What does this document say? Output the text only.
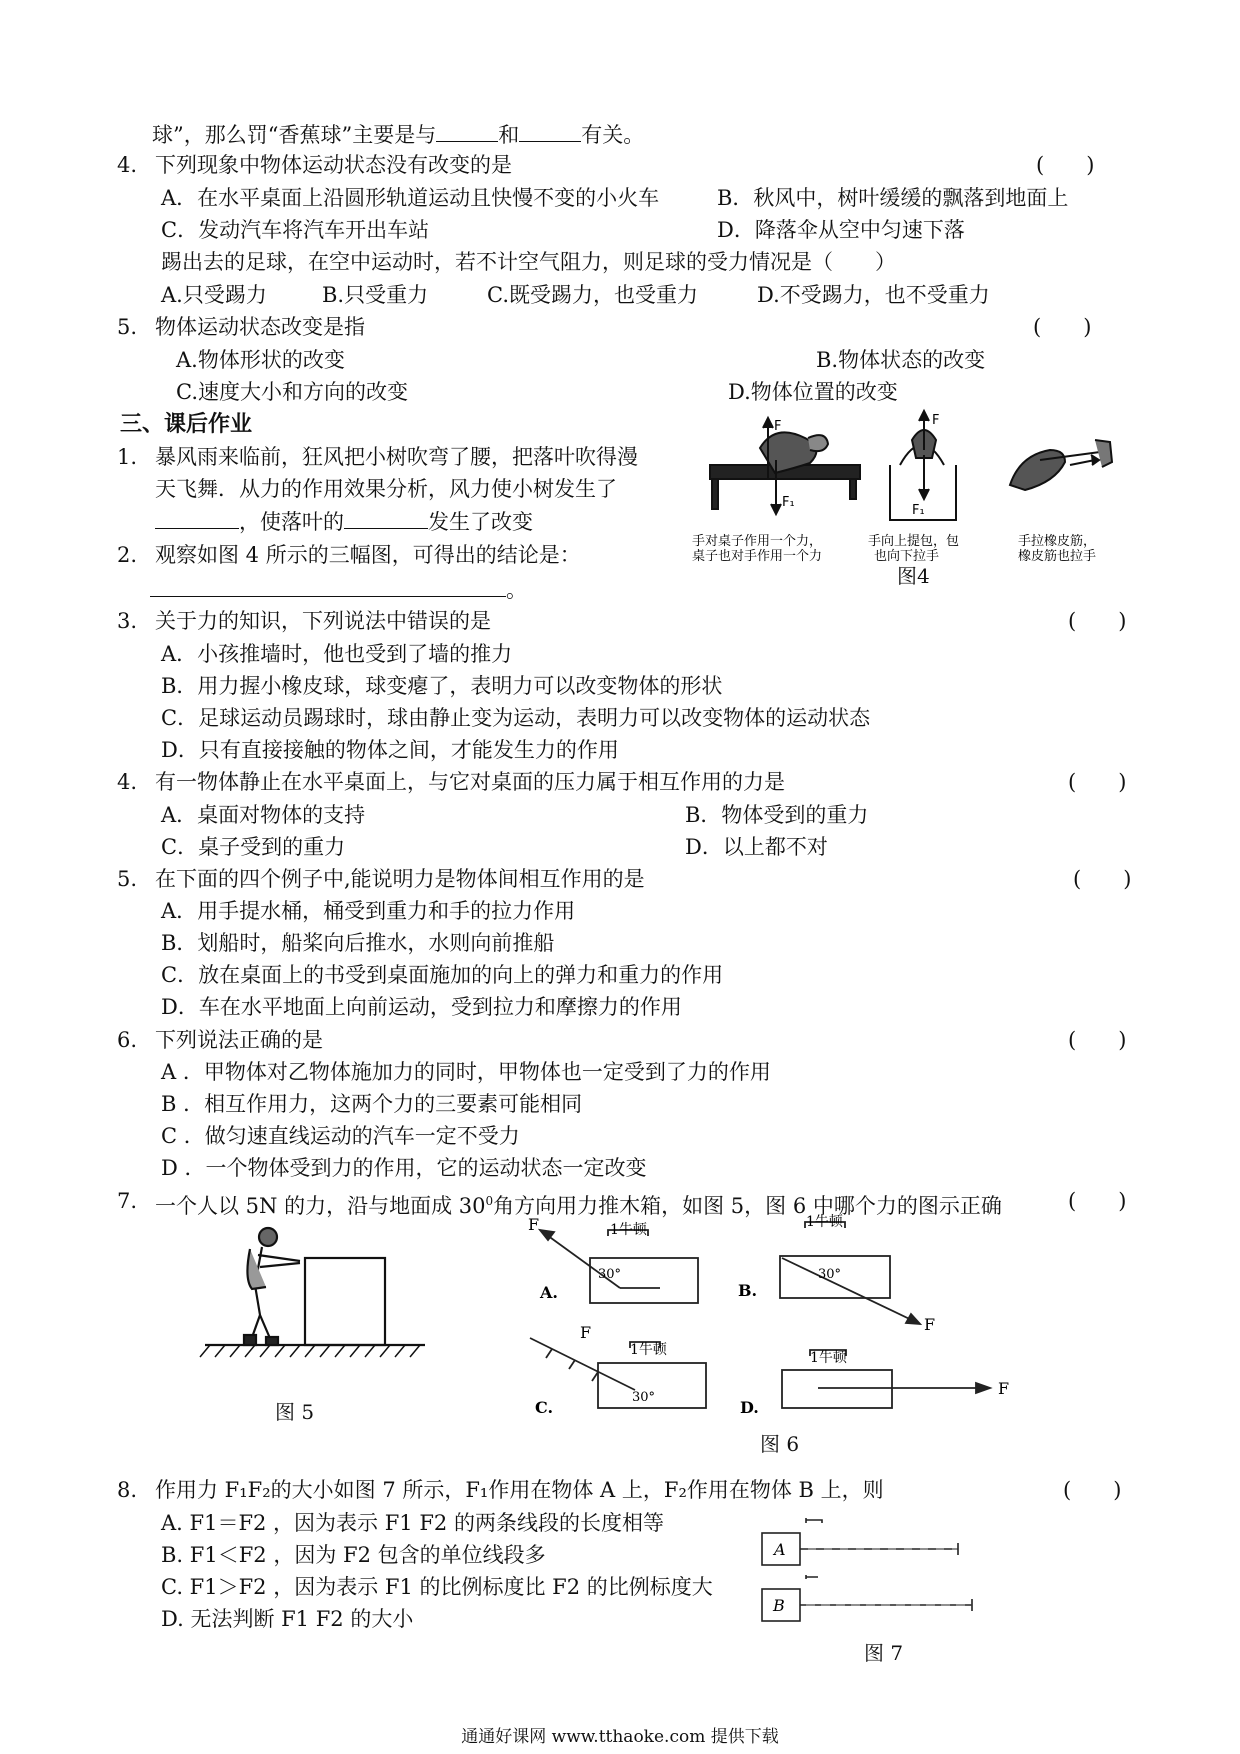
球”，那么罚“香蕉球”主要是与	和	有关。
4. 下列现象中物体运动状态没有改变的是	(　　)
A．在水平桌面上沿圆形轨道运动且快慢不变的小火车	B．秋风中，树叶缓缓的飘落到地面上
C．发动汽车将汽车开出车站	D．降落伞从空中匀速下落
踢出去的足球，在空中运动时，若不计空气阻力，则足球的受力情况是（　　）
A.只受踢力	B.只受重力	C.既受踢力，也受重力	D.不受踢力，也不受重力
5. 物体运动状态改变是指	(　　)
A.物体形状的改变	B.物体状态的改变
C.速度大小和方向的改变	D.物体位置的改变
三、课后作业
1. 暴风雨来临前，狂风把小树吹弯了腰，把落叶吹得漫
天飞舞．从力的作用效果分析，风力使小树发生了
，使落叶的	发生了改变
2. 观察如图 4 所示的三幅图，可得出的结论是：
。
F
F₁
F
F₁
手对桌子作用一个力，
桌子也对手作用一个力
手向上提包，包
也向下拉手
手拉橡皮筋，
橡皮筋也拉手
图4
3. 关于力的知识，下列说法中错误的是	(　　)
A．小孩推墙时，他也受到了墙的推力
B．用力握小橡皮球，球变瘪了，表明力可以改变物体的形状
C．足球运动员踢球时，球由静止变为运动，表明力可以改变物体的运动状态
D．只有直接接触的物体之间，才能发生力的作用
4. 有一物体静止在水平桌面上，与它对桌面的压力属于相互作用的力是	(　　)
A．桌面对物体的支持	B．物体受到的重力
C．桌子受到的重力	D．以上都不对
5. 在下面的四个例子中,能说明力是物体间相互作用的是	(　　)
A．用手提水桶，桶受到重力和手的拉力作用
B．划船时，船桨向后推水，水则向前推船
C．放在桌面上的书受到桌面施加的向上的弹力和重力的作用
D．车在水平地面上向前运动，受到拉力和摩擦力的作用
6. 下列说法正确的是	(　　)
A ．甲物体对乙物体施加力的同时，甲物体也一定受到了力的作用
B ．相互作用力，这两个力的三要素可能相同
C ．做匀速直线运动的汽车一定不受力
D ．一个物体受到力的作用，它的运动状态一定改变
7. 一个人以 5N 的力，沿与地面成 $30^0$角方向用力推木箱，如图 5，图 6 中哪个力的图示正确	(　　)
图 5
F	1牛顿
30°
A.
1牛顿
30°
F
B.
F
1牛顿
30°
C.
1牛顿
F
D.
图 6
8. 作用力 F₁F₂的大小如图 7 所示，F₁作用在物体 A 上，F₂作用在物体 B 上，则	(　　)
A. F1＝F2 ，因为表示 F1 F2 的两条线段的长度相等
B. F1＜F2 ，因为 F2 包含的单位线段多
C. F1＞F2 ，因为表示 F1 的比例标度比 F2 的比例标度大
D. 无法判断 F1 F2 的大小
A
B
图 7
通通好课网 www.tthaoke.com 提供下载
